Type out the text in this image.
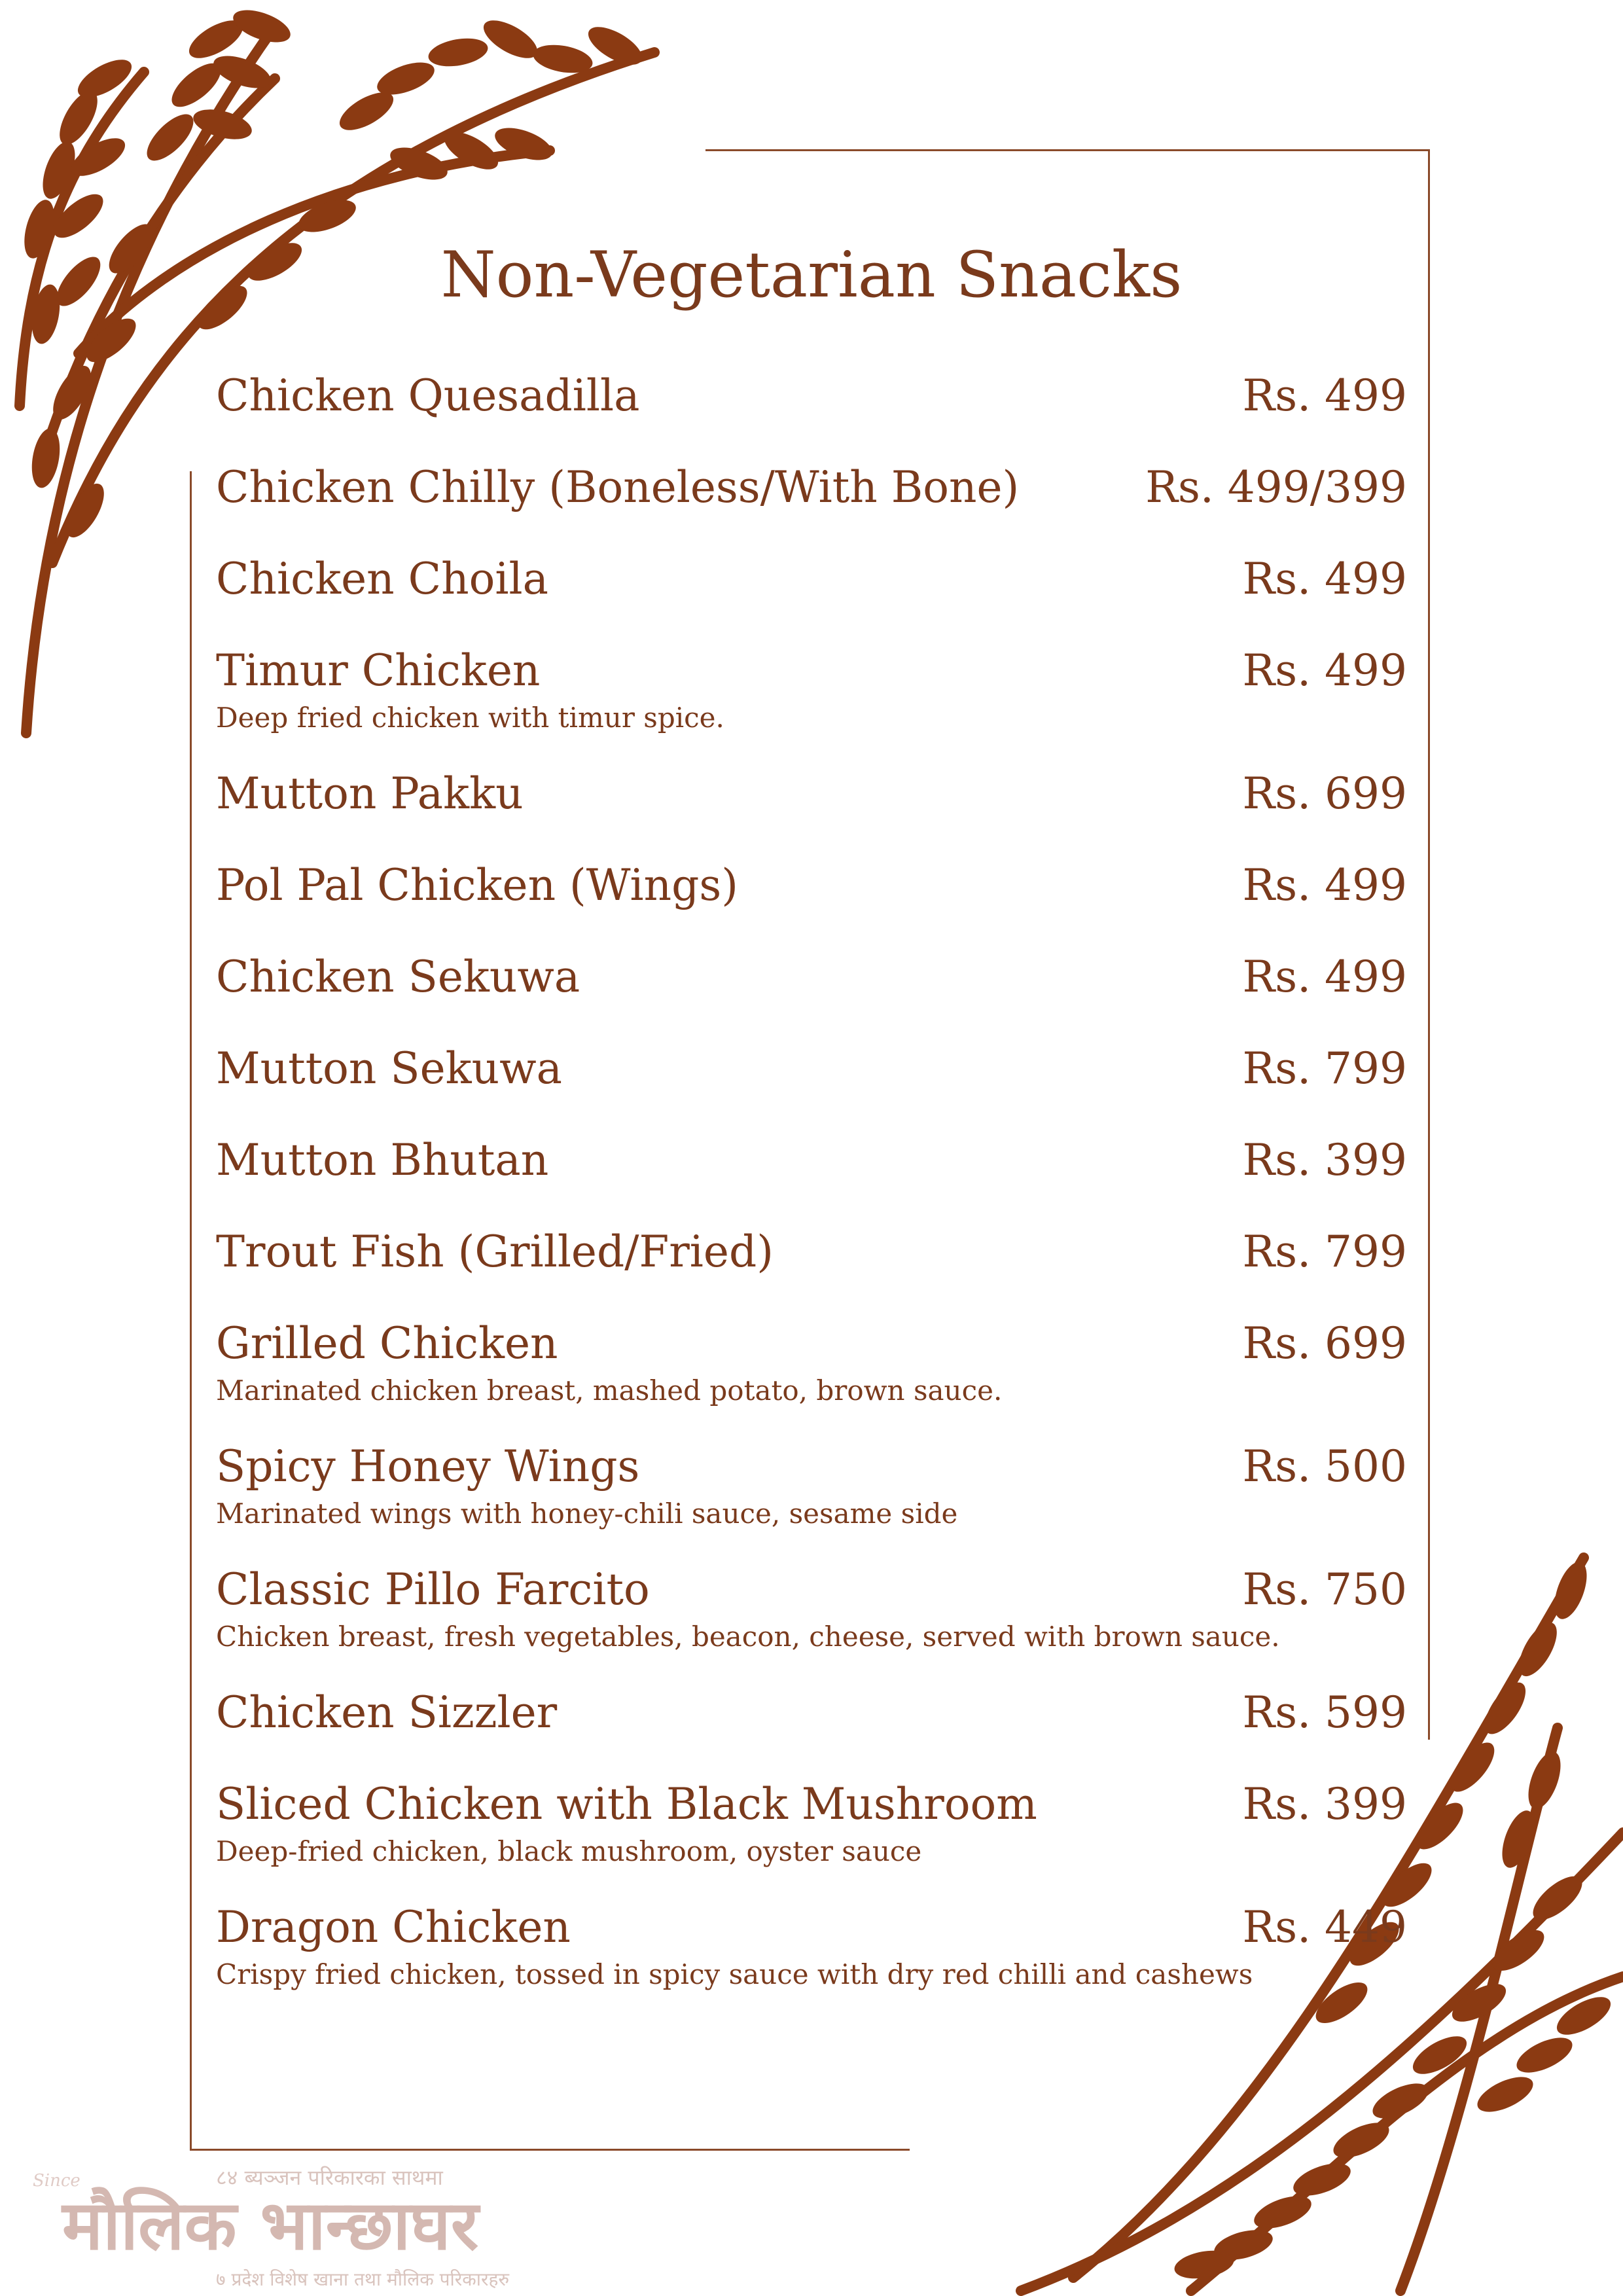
Non-Vegetarian Snacks
Chicken Quesadilla	Rs. 499
Chicken Chilly (Boneless/With Bone)	Rs. 499/399
Chicken Choila	Rs. 499
Timur Chicken	Rs. 499
Deep fried chicken with timur spice.
Mutton Pakku	Rs. 699
Pol Pal Chicken (Wings)	Rs. 499
Chicken Sekuwa	Rs. 499
Mutton Sekuwa	Rs. 799
Mutton Bhutan	Rs. 399
Trout Fish (Grilled/Fried)	Rs. 799
Grilled Chicken	Rs. 699
Marinated chicken breast, mashed potato, brown sauce.
Spicy Honey Wings	Rs. 500
Marinated wings with honey-chili sauce, sesame side
Classic Pillo Farcito	Rs. 750
Chicken breast, fresh vegetables, beacon, cheese, served with brown sauce.
Chicken Sizzler	Rs. 599
Sliced Chicken with Black Mushroom	Rs. 399
Deep-fried chicken, black mushroom, oyster sauce
Dragon Chicken	Rs. 449
Crispy fried chicken, tossed in spicy sauce with dry red chilli and cashews
Since	८४ ब्यञ्जन परिकारका साथमा
मौलिक भान्छाघर
७ प्रदेश विशेष खाना तथा मौलिक परिकारहरु
